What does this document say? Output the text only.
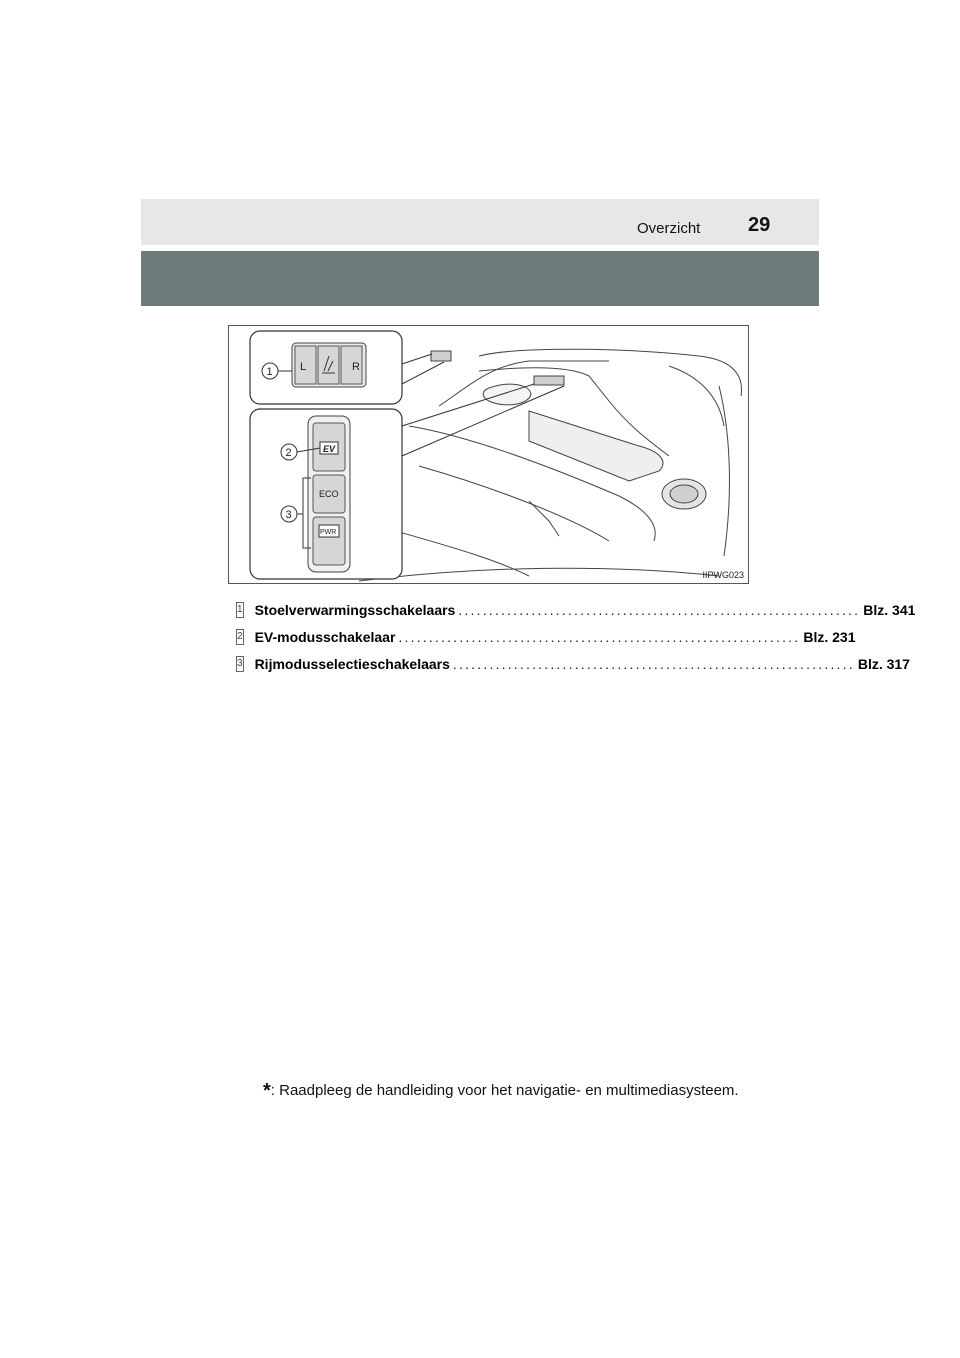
Overzicht 29
L	R
1
EV
ECO
PWR
2
3
IIPWG023
1 Stoelverwarmingsschakelaars .................................................................. Blz. 341
2 EV-modusschakelaar .................................................................. Blz. 231
3 Rijmodusselectieschakelaars .................................................................. Blz. 317
*: Raadpleeg de handleiding voor het navigatie- en multimediasysteem.
